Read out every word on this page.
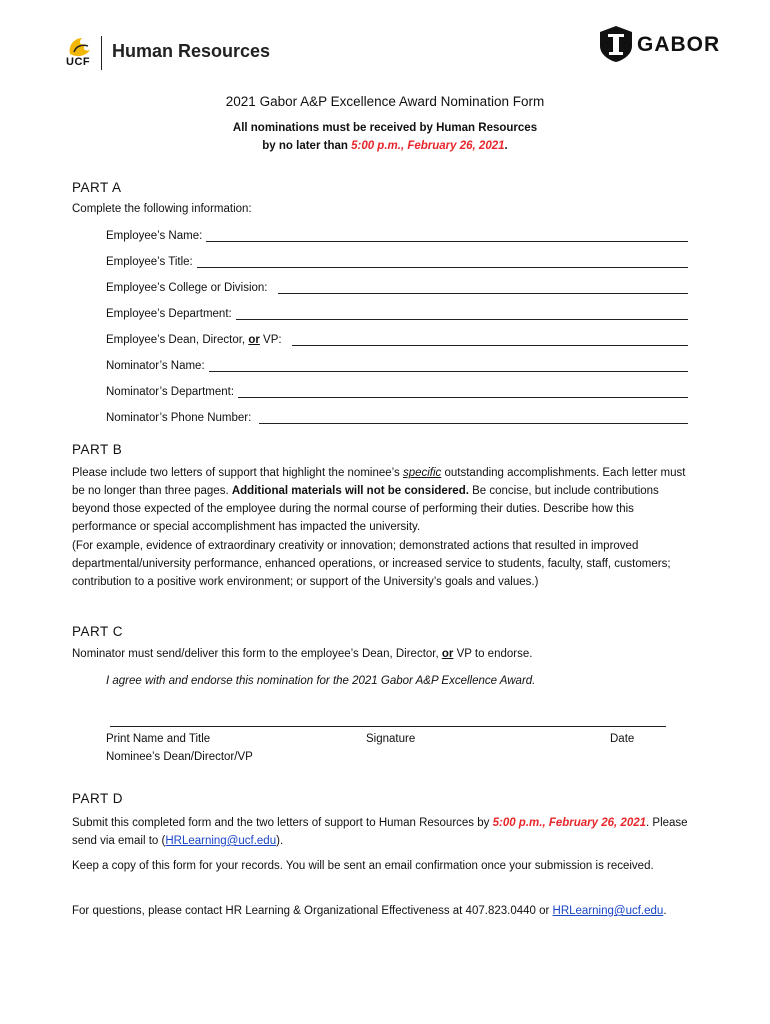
UCF
Human Resources	GABOR
2021 Gabor A&P Excellence Award Nomination Form
All nominations must be received by Human Resources
by no later than 5:00 p.m., February 26, 2021.
PART A
Complete the following information:
Employee’s Name:
Employee’s Title:
Employee’s College or Division:
Employee’s Department:
Employee’s Dean, Director, or VP:
Nominator’s Name:
Nominator’s Department:
Nominator’s Phone Number:
PART B
Please include two letters of support that highlight the nominee’s specific outstanding accomplishments. Each letter must be no longer than three pages. Additional materials will not be considered. Be concise, but include contributions beyond those expected of the employee during the normal course of performing their duties. Describe how this performance or special accomplishment has impacted the university.
(For example, evidence of extraordinary creativity or innovation; demonstrated actions that resulted in improved departmental/university performance, enhanced operations, or increased service to students, faculty, staff, customers; contribution to a positive work environment; or support of the University’s goals and values.)
PART C
Nominator must send/deliver this form to the employee’s Dean, Director, or VP to endorse.
I agree with and endorse this nomination for the 2021 Gabor A&P Excellence Award.
Print Name and Title	Signature	Date
Nominee’s Dean/Director/VP
PART D
Submit this completed form and the two letters of support to Human Resources by 5:00 p.m., February 26, 2021. Please send via email to (HRLearning@ucf.edu).
Keep a copy of this form for your records. You will be sent an email confirmation once your submission is received.
For questions, please contact HR Learning & Organizational Effectiveness at 407.823.0440 or HRLearning@ucf.edu.
